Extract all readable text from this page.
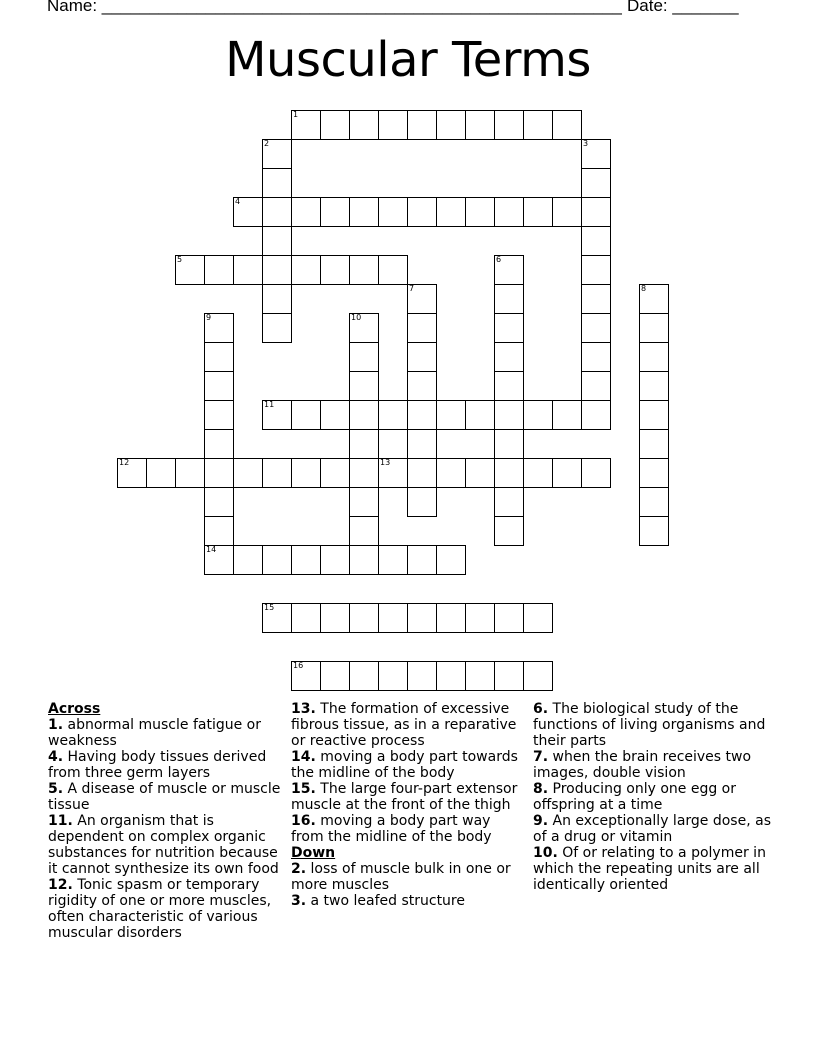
Name: _______________________________________________________ Date: _______
Muscular Terms
1
2	3
4
5	6
7	8
9	10
11
12	13
14
15
16
Across
1. abnormal muscle fatigue or weakness
4. Having body tissues derived from three germ layers
5. A disease of muscle or muscle tissue
11. An organism that is dependent on complex organic substances for nutrition because it cannot synthesize its own food
12. Tonic spasm or temporary rigidity of one or more muscles, often characteristic of various muscular disorders
13. The formation of excessive fibrous tissue, as in a reparative or reactive process
14. moving a body part towards the midline of the body
15. The large four-part extensor muscle at the front of the thigh
16. moving a body part way from the midline of the body
Down
2. loss of muscle bulk in one or more muscles
3. a two leafed structure
6. The biological study of the functions of living organisms and their parts
7. when the brain receives two images, double vision
8. Producing only one egg or offspring at a time
9. An exceptionally large dose, as of a drug or vitamin
10. Of or relating to a polymer in which the repeating units are all identically oriented
